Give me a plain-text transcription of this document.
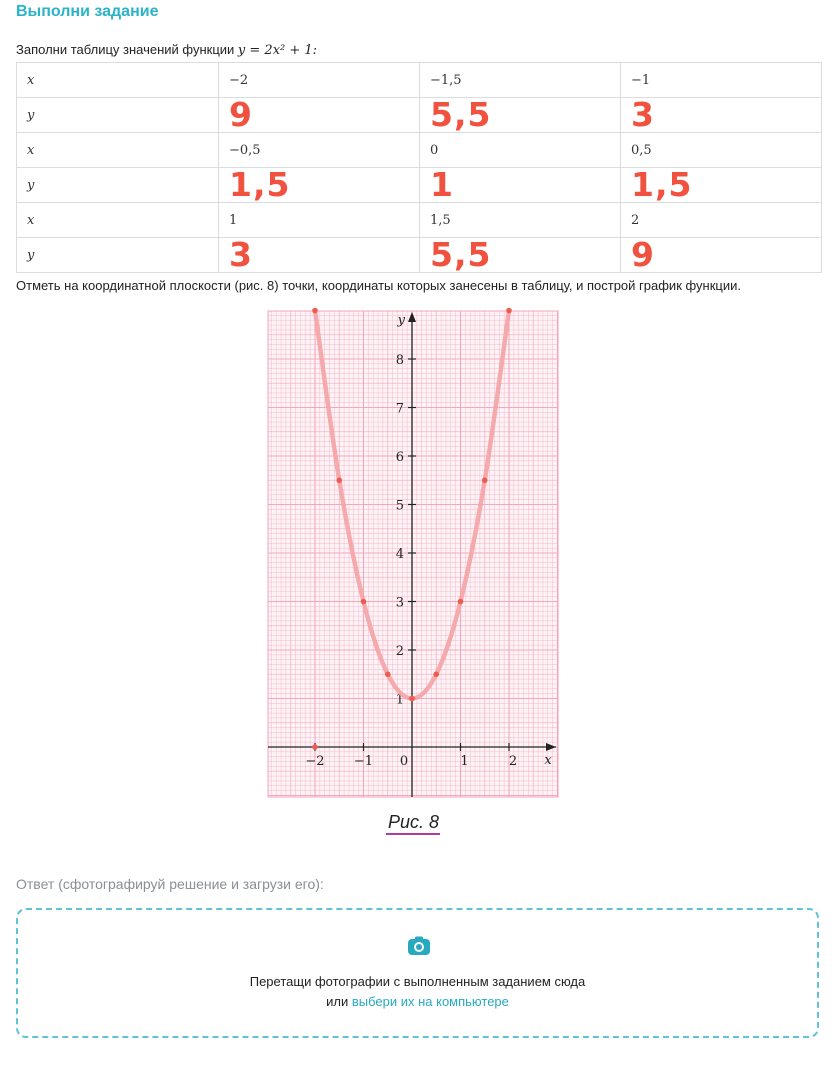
Выполни задание
Заполни таблицу значений функции y = 2x² + 1:
x	−2	−1,5	−1
y	9	5,5	3

x	−0,5	0	0,5
y	1,5	1	1,5

x	1	1,5	2
y	3	5,5	9
Отметь на координатной плоскости (рис. 8) точки, координаты которых занесены в таблицу, и построй график функции.
−2 −1 0	1	2
1
2
3
4
5
6
7
8
x
y
Рис. 8
Ответ (сфотографируй решение и загрузи его):
Перетащи фотографии с выполненным заданием сюда
или выбери их на компьютере
